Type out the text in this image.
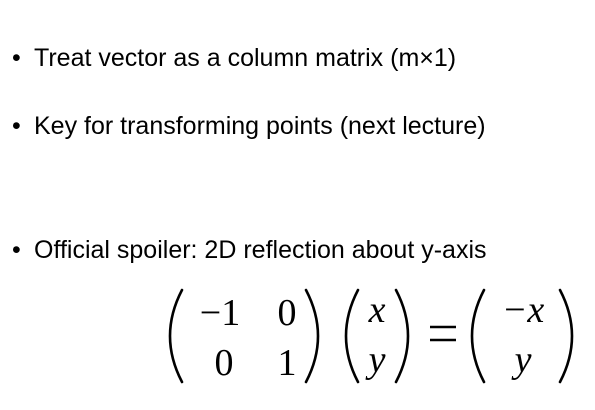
• Treat vector as a column matrix (m×1)
• Key for transforming points (next lecture)
• Official spoiler: 2D reflection about y-axis
−1 0
0 1
x
y
−x
y
